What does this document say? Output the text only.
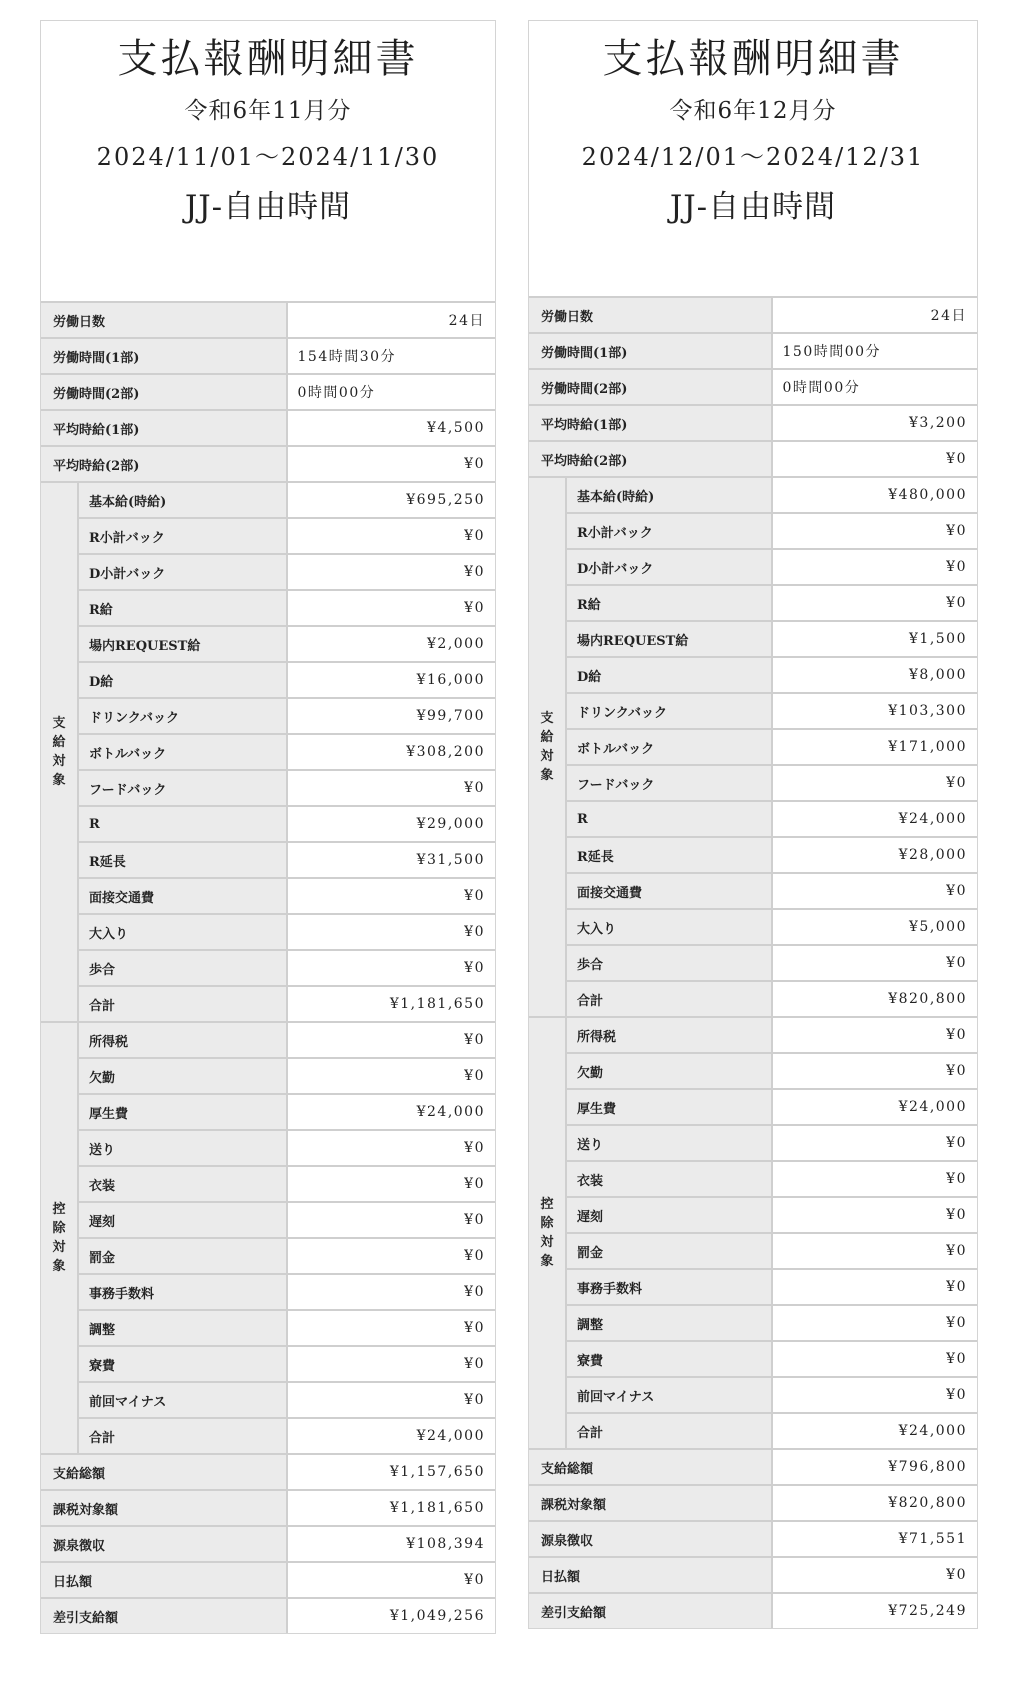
支払報酬明細書
令和6年11月分
2024/11/01〜2024/11/30
JJ-自由時間
労働日数		24日
労働時間(1部)		154時間30分
労働時間(2部)		0時間00分
平均時給(1部)		¥4,500
平均時給(2部)		¥0
支給対象	基本給(時給)	¥695,250
	R小計バック	¥0
	D小計バック	¥0
	R給	¥0
	場内REQUEST給	¥2,000
	D給	¥16,000
	ドリンクバック	¥99,700
	ボトルバック	¥308,200
	フードバック	¥0
	R	¥29,000
	R延長	¥31,500
	面接交通費	¥0
	大入り	¥0
	歩合	¥0
	合計	¥1,181,650
控除対象	所得税	¥0
	欠勤	¥0
	厚生費	¥24,000
	送り	¥0
	衣装	¥0
	遅刻	¥0
	罰金	¥0
	事務手数料	¥0
	調整	¥0
	寮費	¥0
	前回マイナス	¥0
	合計	¥24,000
支給総額		¥1,157,650
課税対象額		¥1,181,650
源泉徴収		¥108,394
日払額		¥0
差引支給額		¥1,049,256
支払報酬明細書
令和6年12月分
2024/12/01〜2024/12/31
JJ-自由時間
労働日数		24日
労働時間(1部)		150時間00分
労働時間(2部)		0時間00分
平均時給(1部)		¥3,200
平均時給(2部)		¥0
支給対象	基本給(時給)	¥480,000
	R小計バック	¥0
	D小計バック	¥0
	R給	¥0
	場内REQUEST給	¥1,500
	D給	¥8,000
	ドリンクバック	¥103,300
	ボトルバック	¥171,000
	フードバック	¥0
	R	¥24,000
	R延長	¥28,000
	面接交通費	¥0
	大入り	¥5,000
	歩合	¥0
	合計	¥820,800
控除対象	所得税	¥0
	欠勤	¥0
	厚生費	¥24,000
	送り	¥0
	衣装	¥0
	遅刻	¥0
	罰金	¥0
	事務手数料	¥0
	調整	¥0
	寮費	¥0
	前回マイナス	¥0
	合計	¥24,000
支給総額		¥796,800
課税対象額		¥820,800
源泉徴収		¥71,551
日払額		¥0
差引支給額		¥725,249
